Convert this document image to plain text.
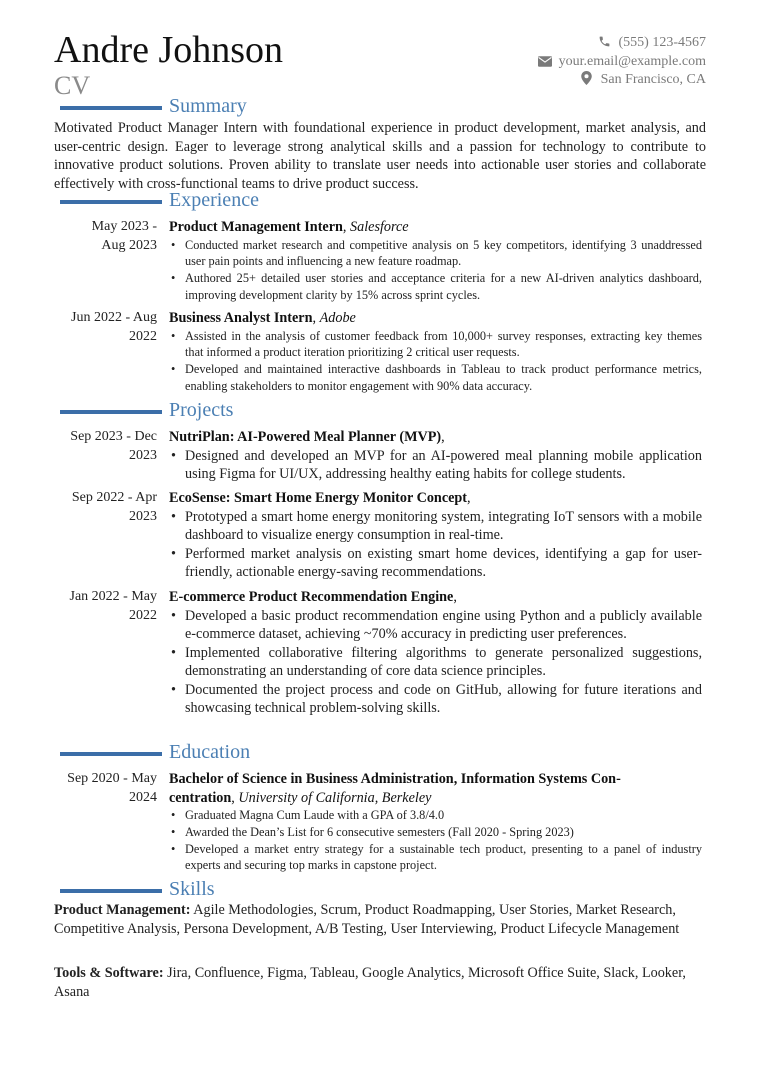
Andre Johnson
CV
(555) 123-4567
your.email@example.com
San Francisco, CA
Summary
Motivated Product Manager Intern with foundational experience in product development, market analysis, and user-centric design. Eager to leverage strong analytical skills and a passion for technology to contribute to innovative product solutions. Proven ability to translate user needs into actionable user stories and collaborate effectively with cross-functional teams to drive product success.
Experience
May 2023 -
Aug 2023
Product Management Intern, Salesforce
• Conducted market research and competitive analysis on 5 key competitors, identifying 3 unaddressed user pain points and influencing a new feature roadmap.
• Authored 25+ detailed user stories and acceptance criteria for a new AI-driven analytics dashboard, improving development clarity by 15% across sprint cycles.
Jun 2022 - Aug
2022
Business Analyst Intern, Adobe
• Assisted in the analysis of customer feedback from 10,000+ survey responses, extracting key themes that informed a product iteration prioritizing 2 critical user requests.
• Developed and maintained interactive dashboards in Tableau to track product performance metrics, enabling stakeholders to monitor engagement with 90% data accuracy.
Projects
Sep 2023 - Dec
2023
NutriPlan: AI-Powered Meal Planner (MVP),
• Designed and developed an MVP for an AI-powered meal planning mobile application using Figma for UI/UX, addressing healthy eating habits for college students.
Sep 2022 - Apr
2023
EcoSense: Smart Home Energy Monitor Concept,
• Prototyped a smart home energy monitoring system, integrating IoT sensors with a mobile dashboard to visualize energy consumption in real-time.
• Performed market analysis on existing smart home devices, identifying a gap for user-friendly, actionable energy-saving recommendations.
Jan 2022 - May
2022
E-commerce Product Recommendation Engine,
• Developed a basic product recommendation engine using Python and a publicly available e-commerce dataset, achieving ~70% accuracy in predicting user preferences.
• Implemented collaborative filtering algorithms to generate personalized suggestions, demonstrating an understanding of core data science principles.
• Documented the project process and code on GitHub, allowing for future iterations and showcasing technical problem-solving skills.
Education
Sep 2020 - May
2024
Bachelor of Science in Business Administration, Information Systems Con-
centration, University of California, Berkeley
• Graduated Magna Cum Laude with a GPA of 3.8/4.0
• Awarded the Dean’s List for 6 consecutive semesters (Fall 2020 - Spring 2023)
• Developed a market entry strategy for a sustainable tech product, presenting to a panel of industry experts and securing top marks in capstone project.
Skills
Product Management: Agile Methodologies, Scrum, Product Roadmapping, User Stories, Market Research, Competitive Analysis, Persona Development, A/B Testing, User Interviewing, Product Lifecycle Management
Tools & Software: Jira, Confluence, Figma, Tableau, Google Analytics, Microsoft Office Suite, Slack, Looker, Asana
